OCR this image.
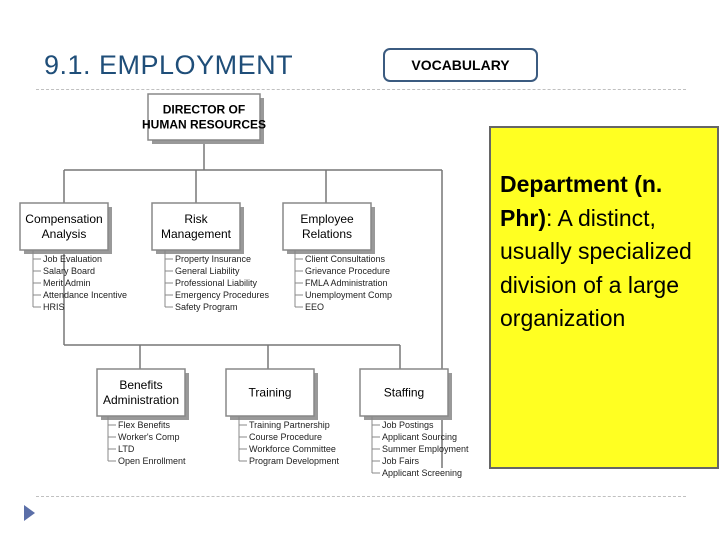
9.1. EMPLOYMENT	VOCABULARY
DIRECTOR OF
HUMAN RESOURCES
Compensation
Analysis
Risk
Management
Employee
Relations
Benefits
Administration
Training	Staffing
Job Evaluation
Salary Board
Merit Admin
Attendance Incentive
HRIS
Property Insurance
General Liability
Professional Liability
Emergency Procedures
Safety Program
Client Consultations
Grievance Procedure
FMLA Administration
Unemployment Comp
EEO
Flex Benefits
Worker's Comp
LTD
Open Enrollment
Training Partnership
Course Procedure
Workforce Committee
Program Development
Job Postings
Applicant Sourcing
Summer Employment
Job Fairs
Applicant Screening
Department (n. Phr): A distinct, usually specialized division of a large organization
